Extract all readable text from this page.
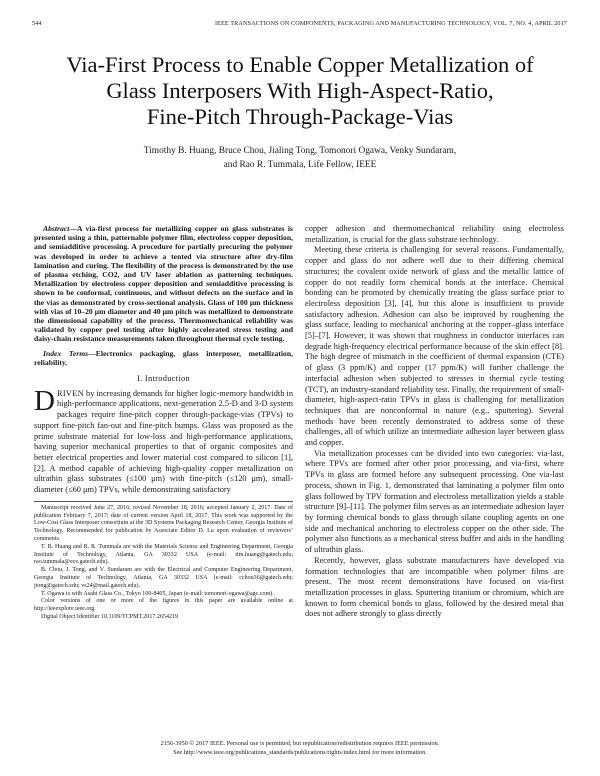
544	IEEE TRANSACTIONS ON COMPONENTS, PACKAGING AND MANUFACTURING TECHNOLOGY, VOL. 7, NO. 4, APRIL 2017
Via-First Process to Enable Copper Metallization of
Glass Interposers With High-Aspect-Ratio,
Fine-Pitch Through-Package-Vias
Timothy B. Huang, Bruce Chou, Jialing Tong, Tomonori Ogawa, Venky Sundaram,
and Rao R. Tummala, Life Fellow, IEEE

Abstract—A via-first process for metallizing copper on glass substrates is presented using a thin, patternable polymer film, electroless copper deposition, and semiadditive processing. A procedure for partially precuring the polymer was developed in order to achieve a tented via structure after dry-film lamination and curing. The flexibility of the process is demonstrated by the use of plasma etching, CO2, and UV laser ablation as patterning techniques. Metallization by electroless copper deposition and semiadditive processing is shown to be conformal, continuous, and without defects on the surface and in the vias as demonstrated by cross-sectional analysis. Glass of 100 μm thickness with vias of 10–20 μm diameter and 40 μm pitch was metallized to demonstrate the dimensional capability of the process. Thermomechanical reliability was validated by copper peel testing after highly accelerated stress testing and daisy-chain resistance measurements taken throughout thermal cycle testing.

Index Terms—Electronics packaging, glass interposer, metallization, reliability.

I. Introduction

DRIVEN by increasing demands for higher logic-memory bandwidth in high-performance applications, next-generation 2.5-D and 3-D system packages require fine-pitch copper through-package-vias (TPVs) to support fine-pitch fan-out and fine-pitch bumps. Glass was proposed as the prime substrate material for low-loss and high-performance applications, having superior mechanical properties to that of organic composites and better electrical properties and lower material cost compared to silicon [1], [2]. A method capable of achieving high-quality copper metallization on ultrathin glass substrates (≤100 μm) with fine-pitch (≤120 μm), small-diameter (≤60 μm) TPVs, while demonstrating satisfactory

Manuscript received June 27, 2016; revised November 18, 2016; accepted January 2, 2017. Date of publication February 7, 2017; date of current version April 18, 2017. This work was supported by the Low-Cost Glass Interposer consortium at the 3D Systems Packaging Research Center, Georgia Institute of Technology. Recommended for publication by Associate Editor D. Lu upon evaluation of reviewers’ comments.

T. B. Huang and R. R. Tummala are with the Materials Science and Engineering Department, Georgia Institute of Technology, Atlanta, GA 30332 USA (e-mail: tim.huang@gatech.edu; rao.tummala@ece.gatech.edu).

B. Chou, J. Tong, and V. Sundaram are with the Electrical and Computer Engineering Department, Georgia Institute of Technology, Atlanta, GA 30332 USA (e-mail: cchou36@gatech.edu; jtong@gatech.edu; vs24@mail.gatech.edu).

T. Ogawa is with Asahi Glass Co., Tokyo 100-8405, Japan (e-mail: tomonori-ogawa@agc.com).

Color versions of one or more of the figures in this paper are available online at http://ieeexplore.ieee.org.

Digital Object Identifier 10.1109/TCPMT.2017.2654219

copper adhesion and thermomechanical reliability using electroless metallization, is crucial for the glass substrate technology.

Meeting these criteria is challenging for several reasons. Fundamentally, copper and glass do not adhere well due to their differing chemical structures; the covalent oxide network of glass and the metallic lattice of copper do not readily form chemical bonds at the interface. Chemical bonding can be promoted by chemically treating the glass surface prior to electroless deposition [3], [4], but this alone is insufficient to provide satisfactory adhesion. Adhesion can also be improved by roughening the glass surface, leading to mechanical anchoring at the copper–glass interface [5]–[7]. However, it was shown that roughness in conductor interfaces can degrade high-frequency electrical performance because of the skin effect [8]. The high degree of mismatch in the coefficient of thermal expansion (CTE) of glass (3 ppm/K) and copper (17 ppm/K) will further challenge the interfacial adhesion when subjected to stresses in thermal cycle testing (TCT), an industry-standard reliability test. Finally, the requirement of small-diameter, high-aspect-ratio TPVs in glass is challenging for metallization techniques that are nonconformal in nature (e.g., sputtering). Several methods have been recently demonstrated to address some of these challenges, all of which utilize an intermediate adhesion layer between glass and copper.

Via metallization processes can be divided into two categories: via-last, where TPVs are formed after other prior processing, and via-first, where TPVs in glass are formed before any subsequent processing. One via-last process, shown in Fig. 1, demonstrated that laminating a polymer film onto glass followed by TPV formation and electroless metallization yields a stable structure [9]–[11]. The polymer film serves as an intermediate adhesion layer by forming chemical bonds to glass through silane coupling agents on one side and mechanical anchoring to electroless copper on the other side. The polymer also functions as a mechanical stress buffer and aids in the handling of ultrathin glass.

Recently, however, glass substrate manufacturers have developed via formation technologies that are incompatible when polymer films are present. The most recent demonstrations have focused on via-first metallization processes in glass. Sputtering titanium or chromium, which are known to form chemical bonds to glass, followed by the desired metal that does not adhere strongly to glass directly

2156-3950 © 2017 IEEE. Personal use is permitted, but republication/redistribution requires IEEE permission.
See http://www.ieee.org/publications_standards/publications/rights/index.html for more information.
